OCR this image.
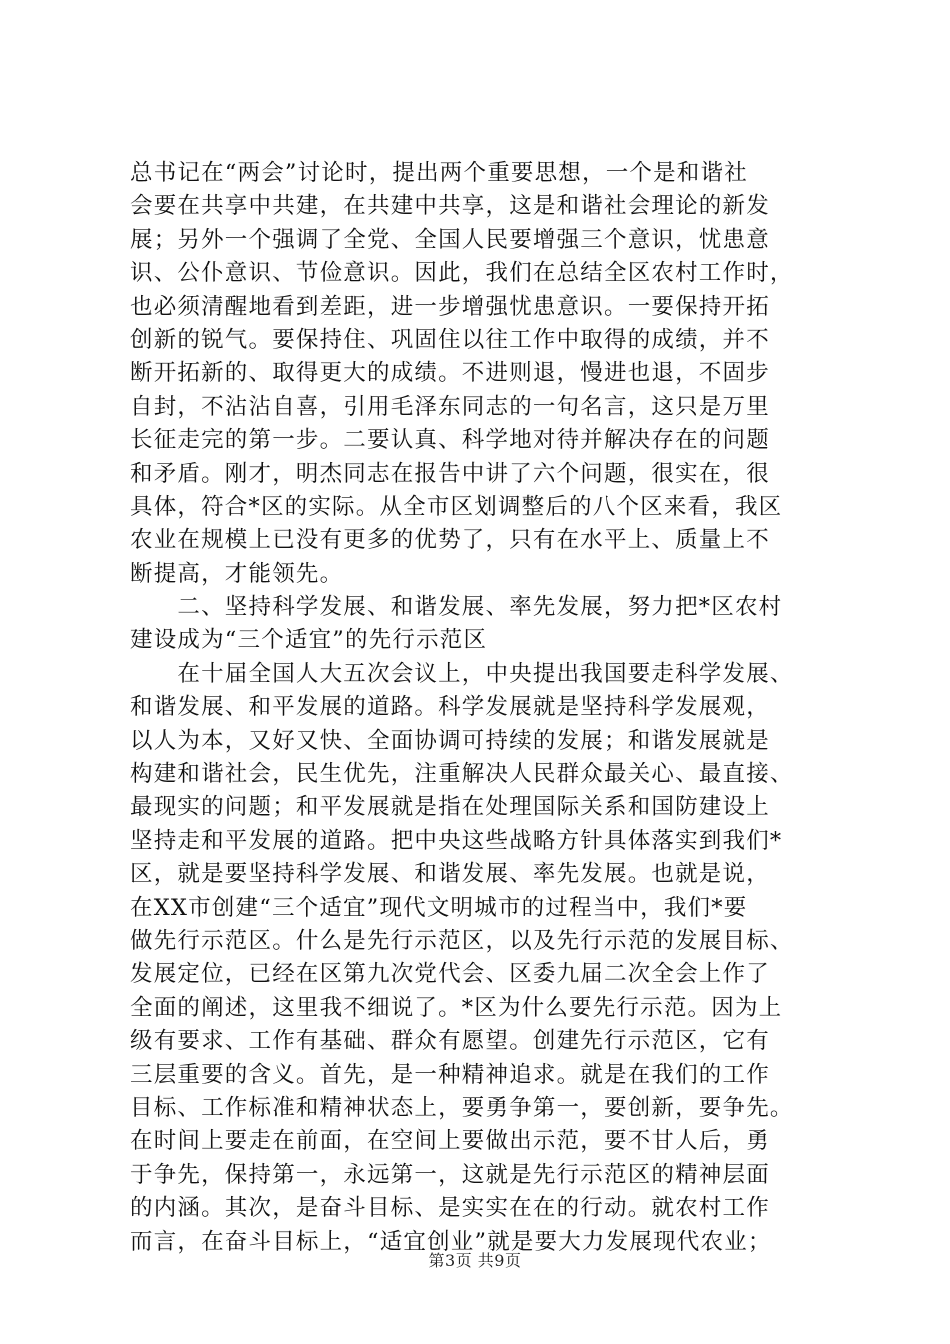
总书记在“两会”讨论时，提出两个重要思想，一个是和谐社
会要在共享中共建，在共建中共享，这是和谐社会理论的新发
展；另外一个强调了全党、全国人民要增强三个意识，忧患意
识、公仆意识、节俭意识。因此，我们在总结全区农村工作时，
也必须清醒地看到差距，进一步增强忧患意识。一要保持开拓
创新的锐气。要保持住、巩固住以往工作中取得的成绩，并不
断开拓新的、取得更大的成绩。不进则退，慢进也退，不固步
自封，不沾沾自喜，引用毛泽东同志的一句名言，这只是万里
长征走完的第一步。二要认真、科学地对待并解决存在的问题
和矛盾。刚才，明杰同志在报告中讲了六个问题，很实在，很
具体，符合*区的实际。从全市区划调整后的八个区来看，我区
农业在规模上已没有更多的优势了，只有在水平上、质量上不
断提高，才能领先。
　　二、坚持科学发展、和谐发展、率先发展，努力把*区农村
建设成为“三个适宜”的先行示范区
　　在十届全国人大五次会议上，中央提出我国要走科学发展、
和谐发展、和平发展的道路。科学发展就是坚持科学发展观，
以人为本，又好又快、全面协调可持续的发展；和谐发展就是
构建和谐社会，民生优先，注重解决人民群众最关心、最直接、
最现实的问题；和平发展就是指在处理国际关系和国防建设上
坚持走和平发展的道路。把中央这些战略方针具体落实到我们*
区，就是要坚持科学发展、和谐发展、率先发展。也就是说，
在XX市创建“三个适宜”现代文明城市的过程当中，我们*要
做先行示范区。什么是先行示范区，以及先行示范的发展目标、
发展定位，已经在区第九次党代会、区委九届二次全会上作了
全面的阐述，这里我不细说了。*区为什么要先行示范。因为上
级有要求、工作有基础、群众有愿望。创建先行示范区，它有
三层重要的含义。首先，是一种精神追求。就是在我们的工作
目标、工作标准和精神状态上，要勇争第一，要创新，要争先。
在时间上要走在前面，在空间上要做出示范，要不甘人后，勇
于争先，保持第一，永远第一，这就是先行示范区的精神层面
的内涵。其次，是奋斗目标、是实实在在的行动。就农村工作
而言，在奋斗目标上，“适宜创业”就是要大力发展现代农业；
第3页 共9页
